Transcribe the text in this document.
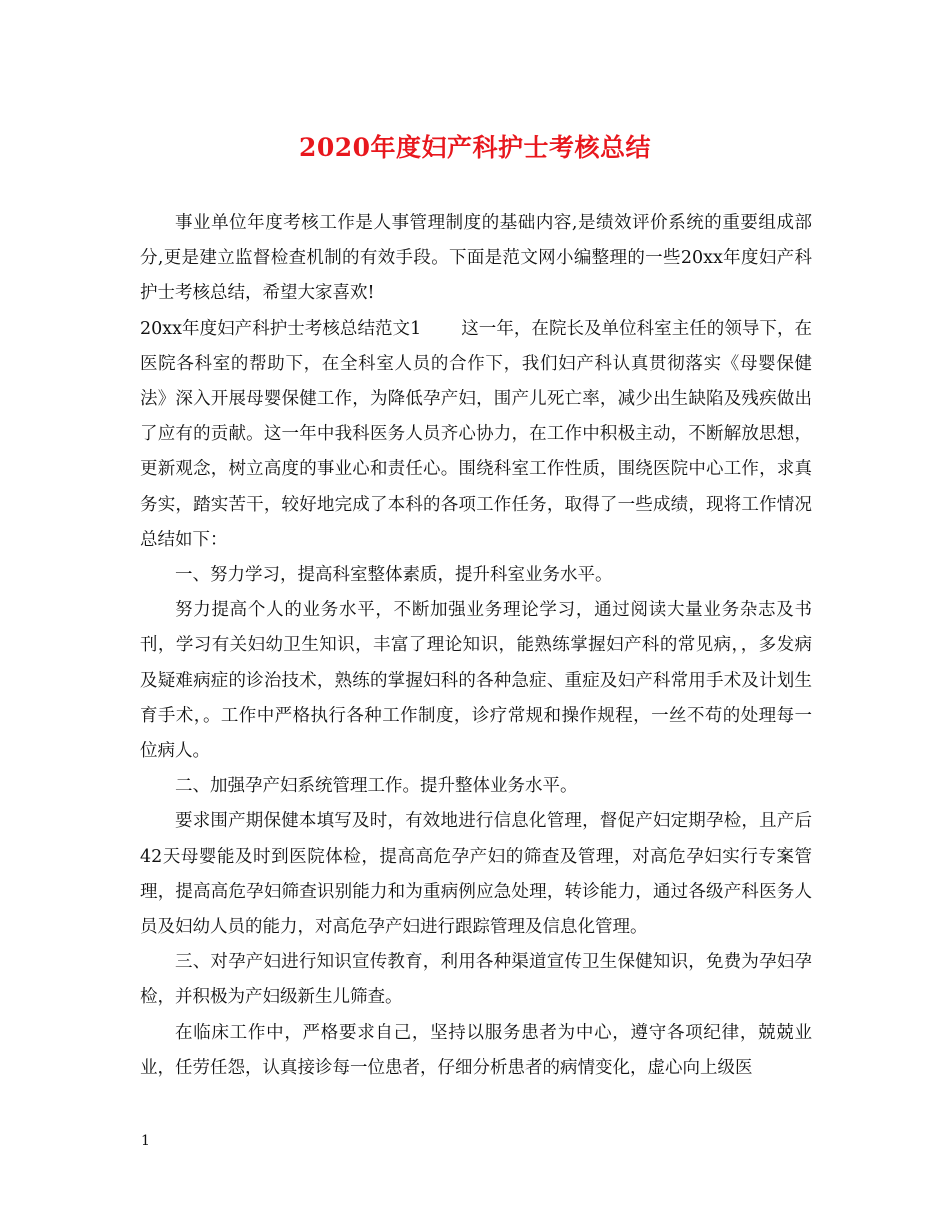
2020年度妇产科护士考核总结

事业单位年度考核工作是人事管理制度的基础内容,是绩效评价系统的重要组成部分,更是建立监督检查机制的有效手段。下面是范文网小编整理的一些20xx年度妇产科护士考核总结，希望大家喜欢!

20xx年度妇产科护士考核总结范文1 这一年，在院长及单位科室主任的领导下，在医院各科室的帮助下，在全科室人员的合作下，我们妇产科认真贯彻落实《母婴保健法》深入开展母婴保健工作，为降低孕产妇，围产儿死亡率，减少出生缺陷及残疾做出了应有的贡献。这一年中我科医务人员齐心协力，在工作中积极主动，不断解放思想，更新观念，树立高度的事业心和责任心。围绕科室工作性质，围绕医院中心工作，求真务实，踏实苦干，较好地完成了本科的各项工作任务，取得了一些成绩，现将工作情况总结如下：

一、努力学习，提高科室整体素质，提升科室业务水平。

努力提高个人的业务水平，不断加强业务理论学习，通过阅读大量业务杂志及书刊，学习有关妇幼卫生知识，丰富了理论知识，能熟练掌握妇产科的常见病，，多发病及疑难病症的诊治技术，熟练的掌握妇科的各种急症、重症及妇产科常用手术及计划生育手术，。工作中严格执行各种工作制度，诊疗常规和操作规程，一丝不苟的处理每一位病人。

二、加强孕产妇系统管理工作。提升整体业务水平。

要求围产期保健本填写及时，有效地进行信息化管理，督促产妇定期孕检，且产后42天母婴能及时到医院体检，提高高危孕产妇的筛查及管理，对高危孕妇实行专案管理，提高高危孕妇筛查识别能力和为重病例应急处理，转诊能力，通过各级产科医务人员及妇幼人员的能力，对高危孕产妇进行跟踪管理及信息化管理。

三、对孕产妇进行知识宣传教育，利用各种渠道宣传卫生保健知识，免费为孕妇孕检，并积极为产妇级新生儿筛查。

在临床工作中，严格要求自己，坚持以服务患者为中心，遵守各项纪律，兢兢业业，任劳任怨，认真接诊每一位患者，仔细分析患者的病情变化，虚心向上级医

1
